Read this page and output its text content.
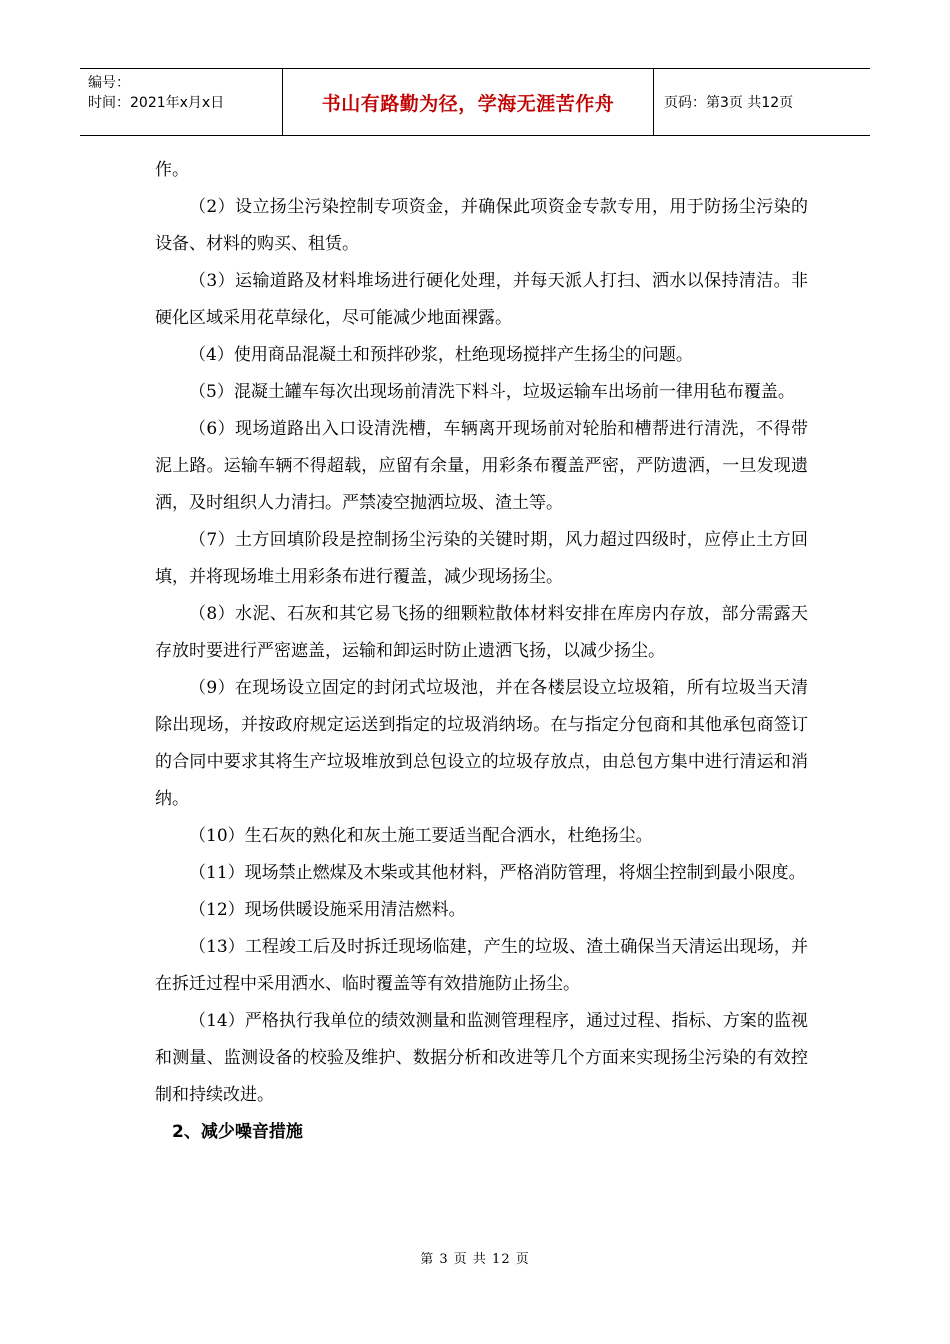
编号：
时间：2021年x月x日	书山有路勤为径，学海无涯苦作舟	页码：第3页 共12页

作。

（2）设立扬尘污染控制专项资金，并确保此项资金专款专用，用于防扬尘污染的设备、材料的购买、租赁。

（3）运输道路及材料堆场进行硬化处理，并每天派人打扫、洒水以保持清洁。非硬化区域采用花草绿化，尽可能减少地面裸露。

（4）使用商品混凝土和预拌砂浆，杜绝现场搅拌产生扬尘的问题。

（5）混凝土罐车每次出现场前清洗下料斗，垃圾运输车出场前一律用毡布覆盖。

（6）现场道路出入口设清洗槽，车辆离开现场前对轮胎和槽帮进行清洗，不得带泥上路。运输车辆不得超载，应留有余量，用彩条布覆盖严密，严防遗洒，一旦发现遗洒，及时组织人力清扫。严禁凌空抛洒垃圾、渣土等。

（7）土方回填阶段是控制扬尘污染的关键时期，风力超过四级时，应停止土方回填，并将现场堆土用彩条布进行覆盖，减少现场扬尘。

（8）水泥、石灰和其它易飞扬的细颗粒散体材料安排在库房内存放，部分需露天存放时要进行严密遮盖，运输和卸运时防止遗洒飞扬，以减少扬尘。

（9）在现场设立固定的封闭式垃圾池，并在各楼层设立垃圾箱，所有垃圾当天清除出现场，并按政府规定运送到指定的垃圾消纳场。在与指定分包商和其他承包商签订的合同中要求其将生产垃圾堆放到总包设立的垃圾存放点，由总包方集中进行清运和消纳。

（10）生石灰的熟化和灰土施工要适当配合洒水，杜绝扬尘。

（11）现场禁止燃煤及木柴或其他材料，严格消防管理，将烟尘控制到最小限度。

（12）现场供暖设施采用清洁燃料。

（13）工程竣工后及时拆迁现场临建，产生的垃圾、渣土确保当天清运出现场，并在拆迁过程中采用洒水、临时覆盖等有效措施防止扬尘。

（14）严格执行我单位的绩效测量和监测管理程序，通过过程、指标、方案的监视和测量、监测设备的校验及维护、数据分析和改进等几个方面来实现扬尘污染的有效控制和持续改进。

2、减少噪音措施

第 3 页 共 12 页
